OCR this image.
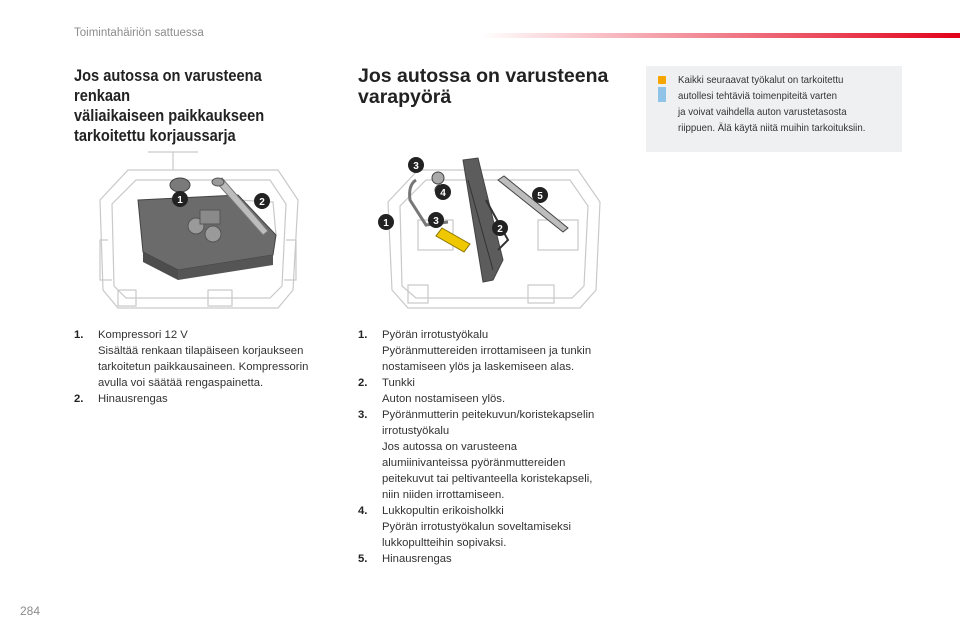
Toimintahäiriön sattuessa
Jos autossa on varusteena renkaan
väliaikaiseen paikkaukseen
tarkoitettu korjaussarja
Jos autossa on varusteena
varapyörä
Kaikki seuraavat työkalut on tarkoitettu
autollesi tehtäviä toimenpiteitä varten
ja voivat vaihdella auton varustetasosta
riippuen. Älä käytä niitä muihin tarkoituksiin.
1	2
3
4	5
1	3
2
1.	Kompressori 12 V
Sisältää renkaan tilapäiseen korjaukseen
tarkoitetun paikkausaineen. Kompressorin
avulla voi säätää rengaspainetta.
2.	Hinausrengas
1.	Pyörän irrotustyökalu
Pyöränmuttereiden irrottamiseen ja tunkin
nostamiseen ylös ja laskemiseen alas.
2.	Tunkki
Auton nostamiseen ylös.
3.	Pyöränmutterin peitekuvun/koristekapselin
irrotustyökalu
Jos autossa on varusteena
alumiinivanteissa pyöränmuttereiden
peitekuvut tai peltivanteella koristekapseli,
niin niiden irrottamiseen.
4.	Lukkopultin erikoisholkki
Pyörän irrotustyökalun soveltamiseksi
lukkopultteihin sopivaksi.
5.	Hinausrengas
284
